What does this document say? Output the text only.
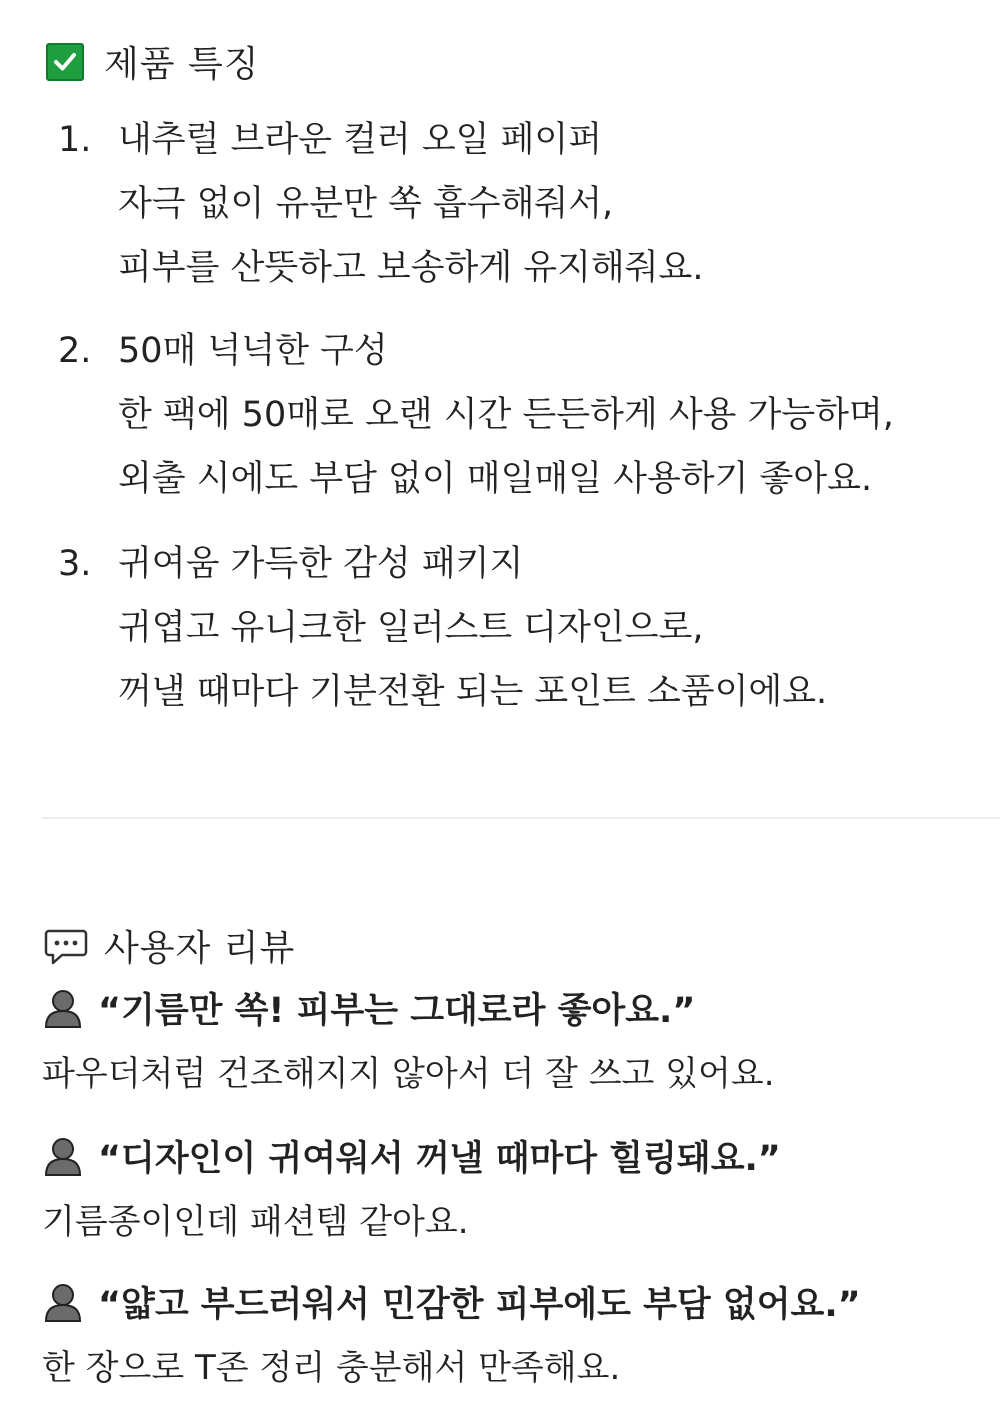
제품 특징
1. 내추럴 브라운 컬러 오일 페이퍼
자극 없이 유분만 쏙 흡수해줘서,
피부를 산뜻하고 보송하게 유지해줘요.
2. 50매 넉넉한 구성
한 팩에 50매로 오랜 시간 든든하게 사용 가능하며,
외출 시에도 부담 없이 매일매일 사용하기 좋아요.
3. 귀여움 가득한 감성 패키지
귀엽고 유니크한 일러스트 디자인으로,
꺼낼 때마다 기분전환 되는 포인트 소품이에요.
사용자 리뷰
“기름만 쏙! 피부는 그대로라 좋아요.”
파우더처럼 건조해지지 않아서 더 잘 쓰고 있어요.
“디자인이 귀여워서 꺼낼 때마다 힐링돼요.”
기름종이인데 패션템 같아요.
“얇고 부드러워서 민감한 피부에도 부담 없어요.”
한 장으로 T존 정리 충분해서 만족해요.
